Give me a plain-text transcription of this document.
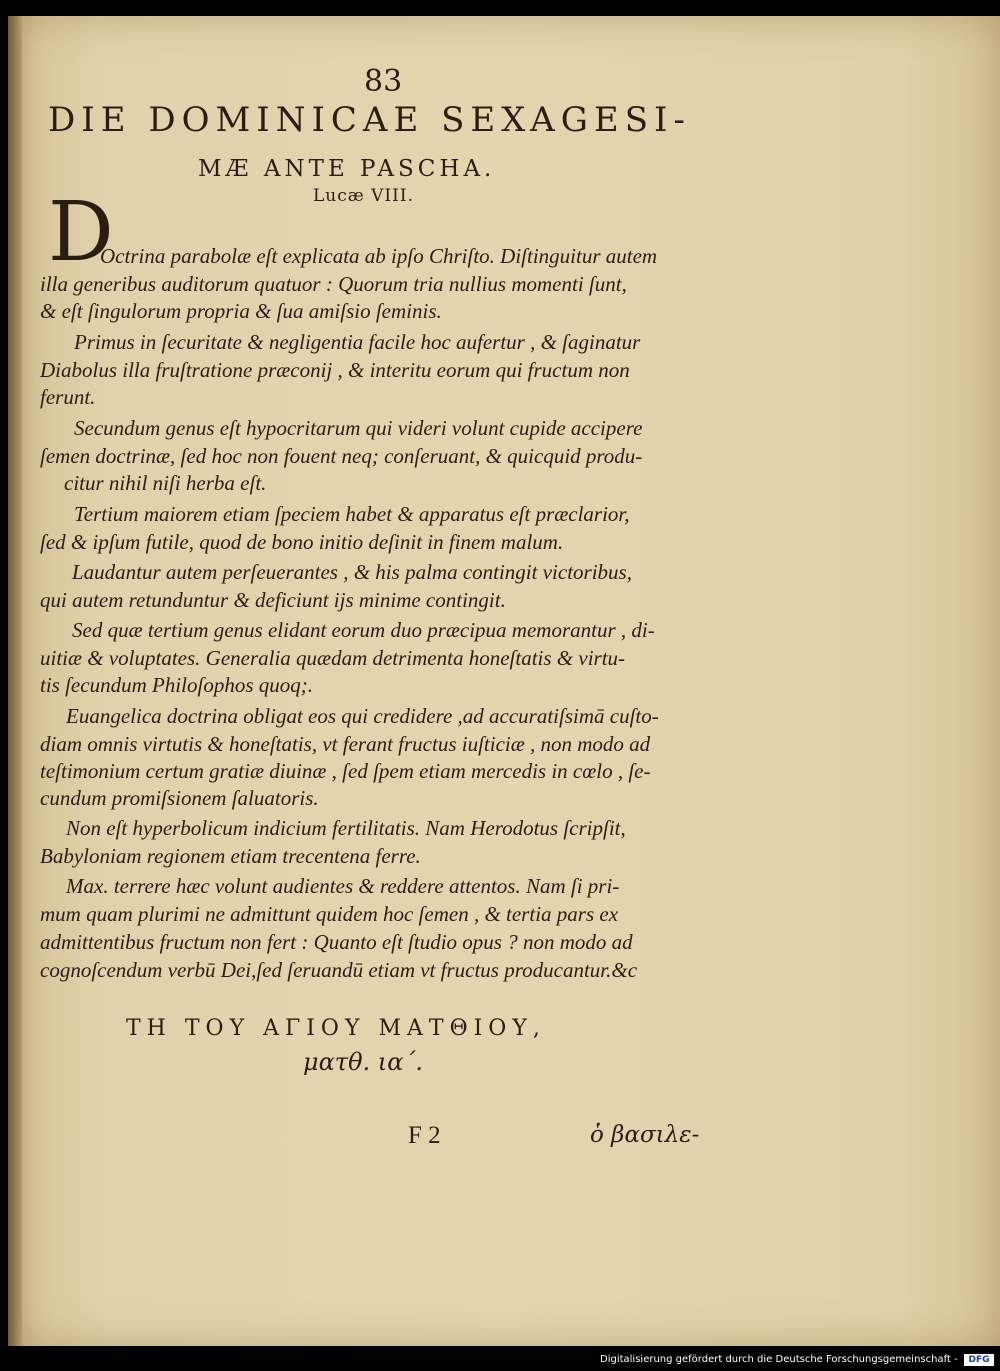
83
DIE DOMINICAE SEXAGESI-
MÆ ANTE PASCHA.
Lucæ VIII.
D
Octrina parabolæ eſt explicata ab ipſo Chriſto. Diſtinguitur autem
illa generibus auditorum quatuor : Quorum tria nullius momenti ſunt,
& eſt ſingulorum propria & ſua amiſsio ſeminis.
Primus in ſecuritate & negligentia facile hoc aufertur , & ſaginatur
Diabolus illa fruſtratione præconij , & interitu eorum qui fructum non
ferunt.
Secundum genus eſt hypocritarum qui videri volunt cupide accipere
ſemen doctrinæ, ſed hoc non fouent neq; conſeruant, & quicquid produ-
citur nihil niſi herba eſt.
Tertium maiorem etiam ſpeciem habet & apparatus eſt præclarior,
ſed & ipſum futile, quod de bono initio deſinit in finem malum.
Laudantur autem perſeuerantes , & his palma contingit victoribus,
qui autem retunduntur & deficiunt ijs minime contingit.
Sed quæ tertium genus elidant eorum duo præcipua memorantur , di-
uitiæ & voluptates. Generalia quædam detrimenta honeſtatis & virtu-
tis ſecundum Philoſophos quoq;.
Euangelica doctrina obligat eos qui credidere ,ad accuratiſsimā cuſto-
diam omnis virtutis & honeſtatis, vt ferant fructus iuſticiæ , non modo ad
teſtimonium certum gratiæ diuinæ , ſed ſpem etiam mercedis in cœlo , ſe-
cundum promiſsionem ſaluatoris.
Non eſt hyperbolicum indicium fertilitatis. Nam Herodotus ſcripſit,
Babyloniam regionem etiam trecentena ferre.
Max. terrere hæc volunt audientes & reddere attentos. Nam ſi pri-
mum quam plurimi ne admittunt quidem hoc ſemen , & tertia pars ex
admittentibus fructum non fert : Quanto eſt ſtudio opus ? non modo ad
cognoſcendum verbū Dei,ſed ſeruandū etiam vt fructus producantur.&c
ΤΗ ΤΟΥ ΑΓΙΟΥ ΜΑΤΘΙΟΥ,
ματθ. ια΄.
F 2	ὁ βασιλε-
Digitalisierung gefördert durch die Deutsche Forschungsgemeinschaft -	DFG
